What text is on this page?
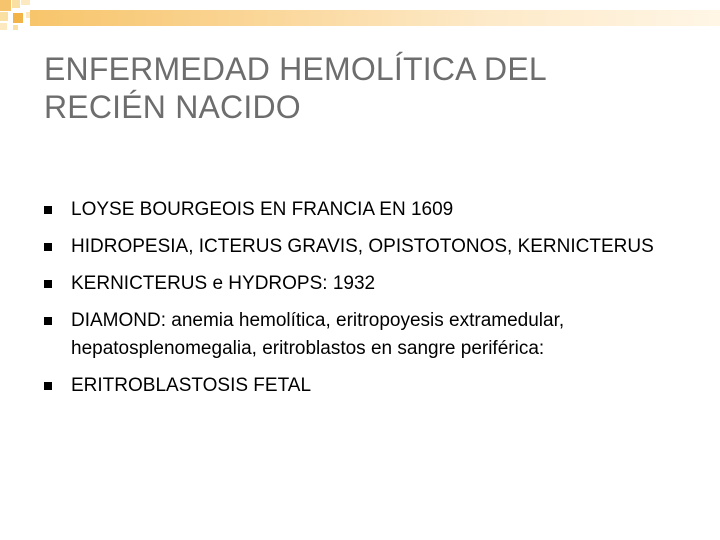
ENFERMEDAD HEMOLÍTICA DEL
RECIÉN NACIDO
LOYSE BOURGEOIS EN FRANCIA EN 1609
HIDROPESIA, ICTERUS GRAVIS, OPISTOTONOS, KERNICTERUS
KERNICTERUS e HYDROPS: 1932
DIAMOND: anemia hemolítica, eritropoyesis extramedular, hepatosplenomegalia, eritroblastos en sangre periférica:
ERITROBLASTOSIS FETAL
